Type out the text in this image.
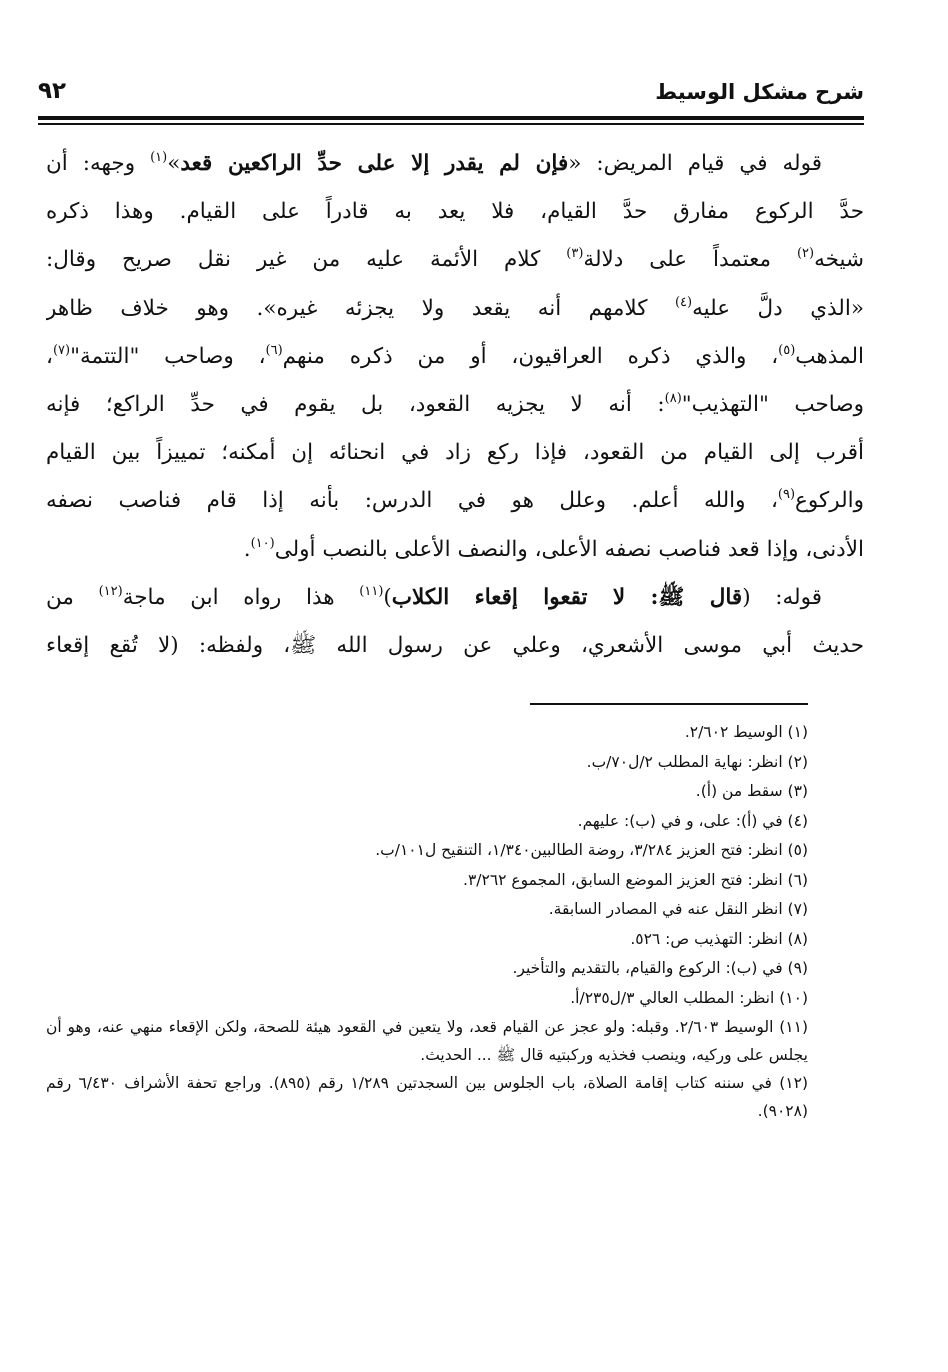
شرح مشكل الوسيط
٩٢
قوله في قيام المريض: «فإن لم يقدر إلا على حدِّ الراكعين قعد»$^{(١)}$ وجهه: أن
حدَّ الركوع مفارق حدَّ القيام، فلا يعد به قادراً على القيام. وهذا ذكره
شيخه$^{(٢)}$ معتمداً على دلالة$^{(٣)}$ كلام الأئمة عليه من غير نقل صريح وقال:
«الذي دلَّ عليه$^{(٤)}$ كلامهم أنه يقعد ولا يجزئه غيره». وهو خلاف ظاهر
المذهب$^{(٥)}$، والذي ذكره العراقيون، أو من ذكره منهم$^{(٦)}$، وصاحب "التتمة"$^{(٧)}$،
وصاحب "التهذيب"$^{(٨)}$: أنه لا يجزيه القعود، بل يقوم في حدِّ الراكع؛ فإنه
أقرب إلى القيام من القعود، فإذا ركع زاد في انحنائه إن أمكنه؛ تمييزاً بين القيام
والركوع$^{(٩)}$، والله أعلم. وعلل هو في الدرس: بأنه إذا قام فناصب نصفه
الأدنى، وإذا قعد فناصب نصفه الأعلى، والنصف الأعلى بالنصب أولى$^{(١٠)}$.
قوله: (قال ﷺ: لا تقعوا إقعاء الكلاب)$^{(١١)}$ هذا رواه ابن ماجة$^{(١٢)}$ من
حديث أبي موسى الأشعري، وعلي عن رسول الله ﷺ، ولفظه: (لا تُقع إقعاء
(١) الوسيط ٢/٦٠٢.
(٢) انظر: نهاية المطلب ٢/ل٧٠/ب.
(٣) سقط من (أ).
(٤) في (أ): على، و في (ب): عليهم.
(٥) انظر: فتح العزيز ٣/٢٨٤، روضة الطالبين١/٣٤٠، التنقيح ل١٠١/ب.
(٦) انظر: فتح العزيز الموضع السابق، المجموع ٣/٢٦٢.
(٧) انظر النقل عنه في المصادر السابقة.
(٨) انظر: التهذيب ص: ٥٢٦.
(٩) في (ب): الركوع والقيام، بالتقديم والتأخير.
(١٠) انظر: المطلب العالي ٣/ل٢٣٥/أ.
(١١) الوسيط ٢/٦٠٣. وقبله: ولو عجز عن القيام قعد، ولا يتعين في القعود هيئة للصحة، ولكن الإقعاء منهي عنه، وهو أن يجلس على وركيه، وينصب فخذيه وركبتيه قال ﷺ ... الحديث.
(١٢) في سننه كتاب إقامة الصلاة، باب الجلوس بين السجدتين ١/٢٨٩ رقم (٨٩٥). وراجع تحفة الأشراف ٦/٤٣٠ رقم (٩٠٢٨).
